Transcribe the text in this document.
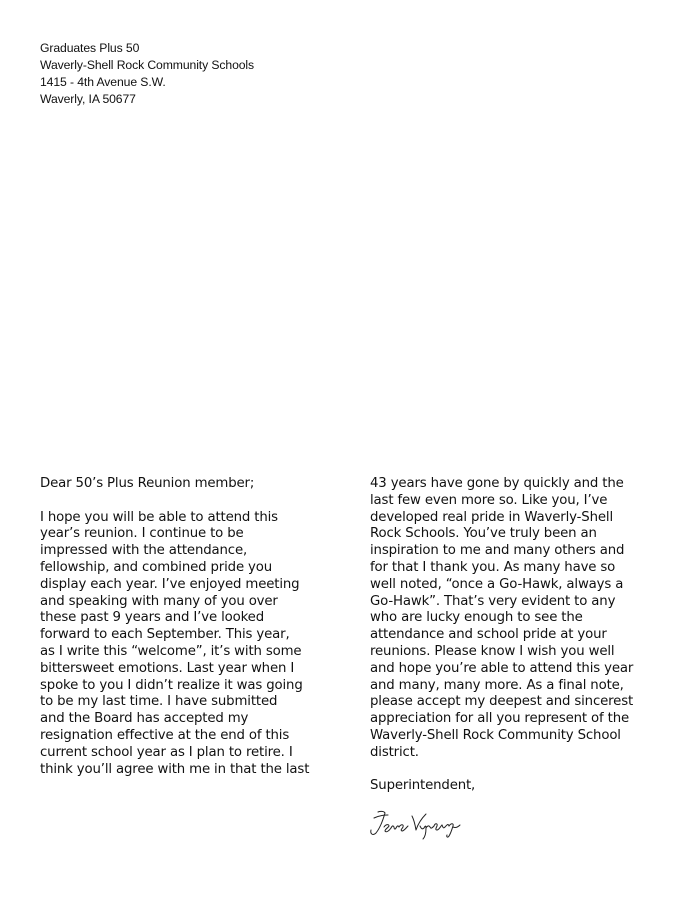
Graduates Plus 50
Waverly-Shell Rock Community Schools
1415 - 4th Avenue S.W.
Waverly, IA 50677
Dear 50’s Plus Reunion member;
I hope you will be able to attend this
year’s reunion. I continue to be
impressed with the attendance,
fellowship, and combined pride you
display each year. I’ve enjoyed meeting
and speaking with many of you over
these past 9 years and I’ve looked
forward to each September. This year,
as I write this “welcome”, it’s with some
bittersweet emotions. Last year when I
spoke to you I didn’t realize it was going
to be my last time. I have submitted
and the Board has accepted my
resignation effective at the end of this
current school year as I plan to retire. I
think you’ll agree with me in that the last
43 years have gone by quickly and the
last few even more so. Like you, I’ve
developed real pride in Waverly-Shell
Rock Schools. You’ve truly been an
inspiration to me and many others and
for that I thank you. As many have so
well noted, “once a Go-Hawk, always a
Go-Hawk”. That’s very evident to any
who are lucky enough to see the
attendance and school pride at your
reunions. Please know I wish you well
and hope you’re able to attend this year
and many, many more. As a final note,
please accept my deepest and sincerest
appreciation for all you represent of the
Waverly-Shell Rock Community School
district.
Superintendent,
